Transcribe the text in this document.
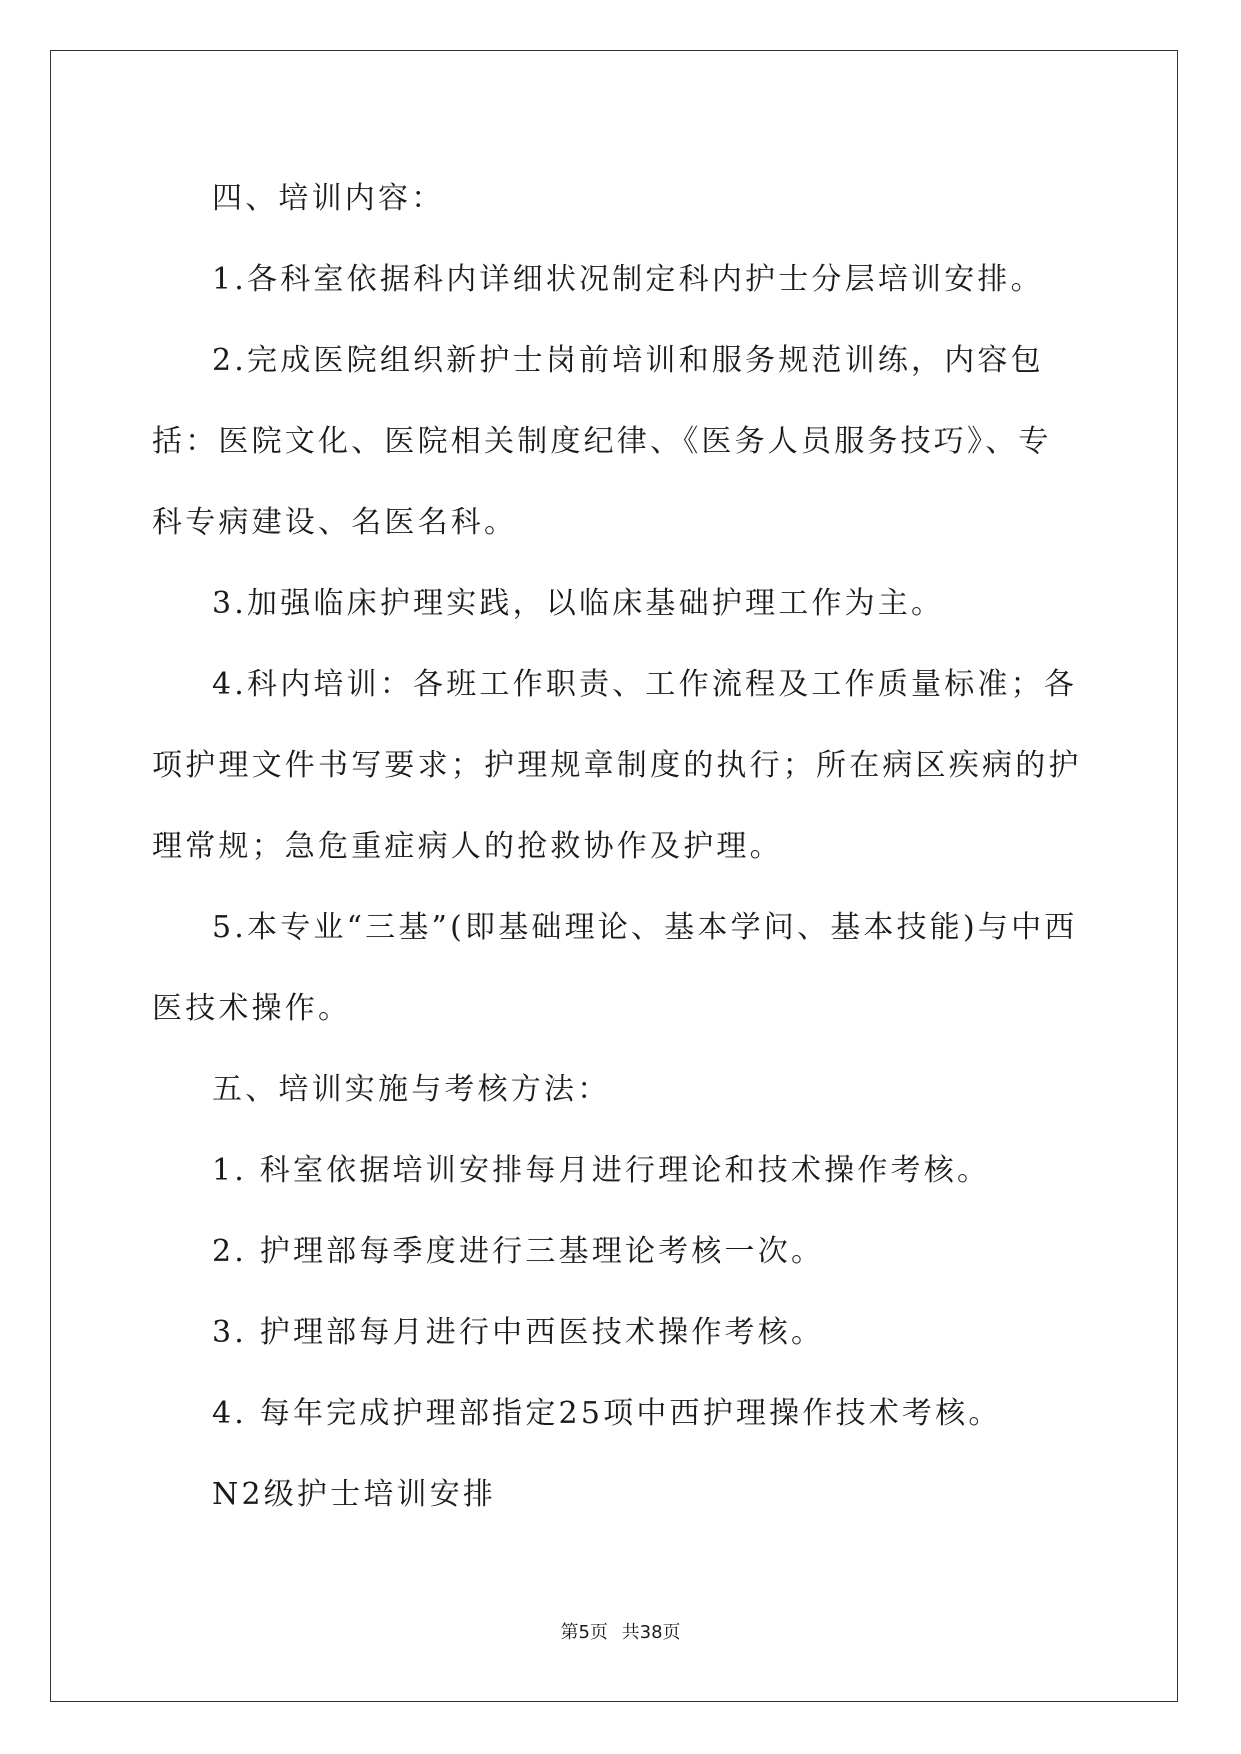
四、培训内容：

1.各科室依据科内详细状况制定科内护士分层培训安排。

2.完成医院组织新护士岗前培训和服务规范训练，内容包括：医院文化、医院相关制度纪律、《医务人员服务技巧》、专科专病建设、名医名科。

3.加强临床护理实践，以临床基础护理工作为主。

4.科内培训：各班工作职责、工作流程及工作质量标准；各项护理文件书写要求；护理规章制度的执行；所在病区疾病的护理常规；急危重症病人的抢救协作及护理。

5.本专业“三基”(即基础理论、基本学问、基本技能)与中西医技术操作。

五、培训实施与考核方法：

1. 科室依据培训安排每月进行理论和技术操作考核。

2. 护理部每季度进行三基理论考核一次。

3. 护理部每月进行中西医技术操作考核。

4. 每年完成护理部指定25项中西护理操作技术考核。

N2级护士培训安排

第5页 共38页
